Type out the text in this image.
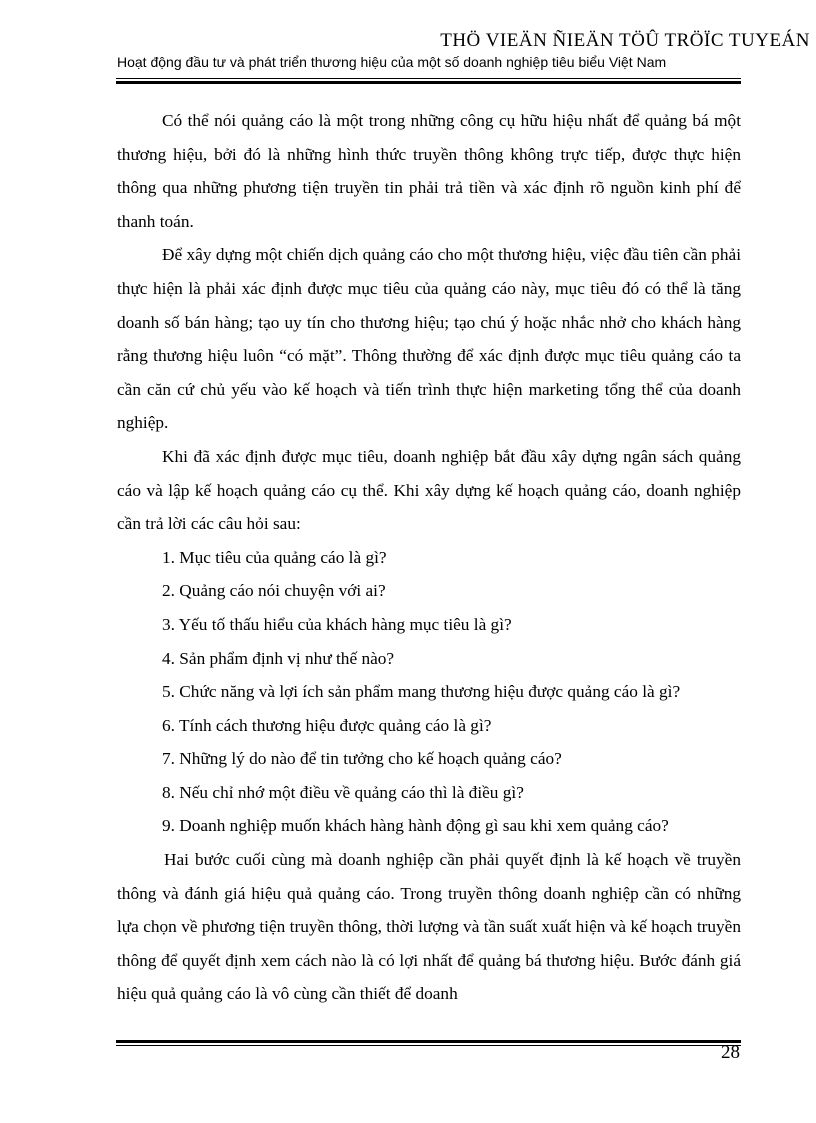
THÖ VIEÄN ÑIEÄN TÖÛ TRÖÏC TUYEÁN
Hoạt động đầu tư và phát triển thương hiệu của một số doanh nghiệp tiêu biểu Việt Nam

Có thể nói quảng cáo là một trong những công cụ hữu hiệu nhất để quảng bá một thương hiệu, bởi đó là những hình thức truyền thông không trực tiếp, được thực hiện thông qua những phương tiện truyền tin phải trả tiền và xác định rõ nguồn kinh phí để thanh toán.

Để xây dựng một chiến dịch quảng cáo cho một thương hiệu, việc đầu tiên cần phải thực hiện là phải xác định được mục tiêu của quảng cáo này, mục tiêu đó có thể là tăng doanh số bán hàng; tạo uy tín cho thương hiệu; tạo chú ý hoặc nhắc nhở cho khách hàng rằng thương hiệu luôn “có mặt”. Thông thường để xác định được mục tiêu quảng cáo ta cần căn cứ chủ yếu vào kế hoạch và tiến trình thực hiện marketing tổng thể của doanh nghiệp.

Khi đã xác định được mục tiêu, doanh nghiệp bắt đầu xây dựng ngân sách quảng cáo và lập kế hoạch quảng cáo cụ thể. Khi xây dựng kế hoạch quảng cáo, doanh nghiệp cần trả lời các câu hỏi sau:

1. Mục tiêu của quảng cáo là gì?

2. Quảng cáo nói chuyện với ai?

3. Yếu tố thấu hiểu của khách hàng mục tiêu là gì?

4. Sản phẩm định vị như thế nào?

5. Chức năng và lợi ích sản phẩm mang thương hiệu được quảng cáo là gì?

6. Tính cách thương hiệu được quảng cáo là gì?

7. Những lý do nào để tin tưởng cho kế hoạch quảng cáo?

8. Nếu chỉ nhớ một điều về quảng cáo thì là điều gì?

9. Doanh nghiệp muốn khách hàng hành động gì sau khi xem quảng cáo?

Hai bước cuối cùng mà doanh nghiệp cần phải quyết định là kế hoạch về truyền thông và đánh giá hiệu quả quảng cáo. Trong truyền thông doanh nghiệp cần có những lựa chọn về phương tiện truyền thông, thời lượng và tần suất xuất hiện và kế hoạch truyền thông để quyết định xem cách nào là có lợi nhất để quảng bá thương hiệu. Bước đánh giá hiệu quả quảng cáo là vô cùng cần thiết để doanh

28
